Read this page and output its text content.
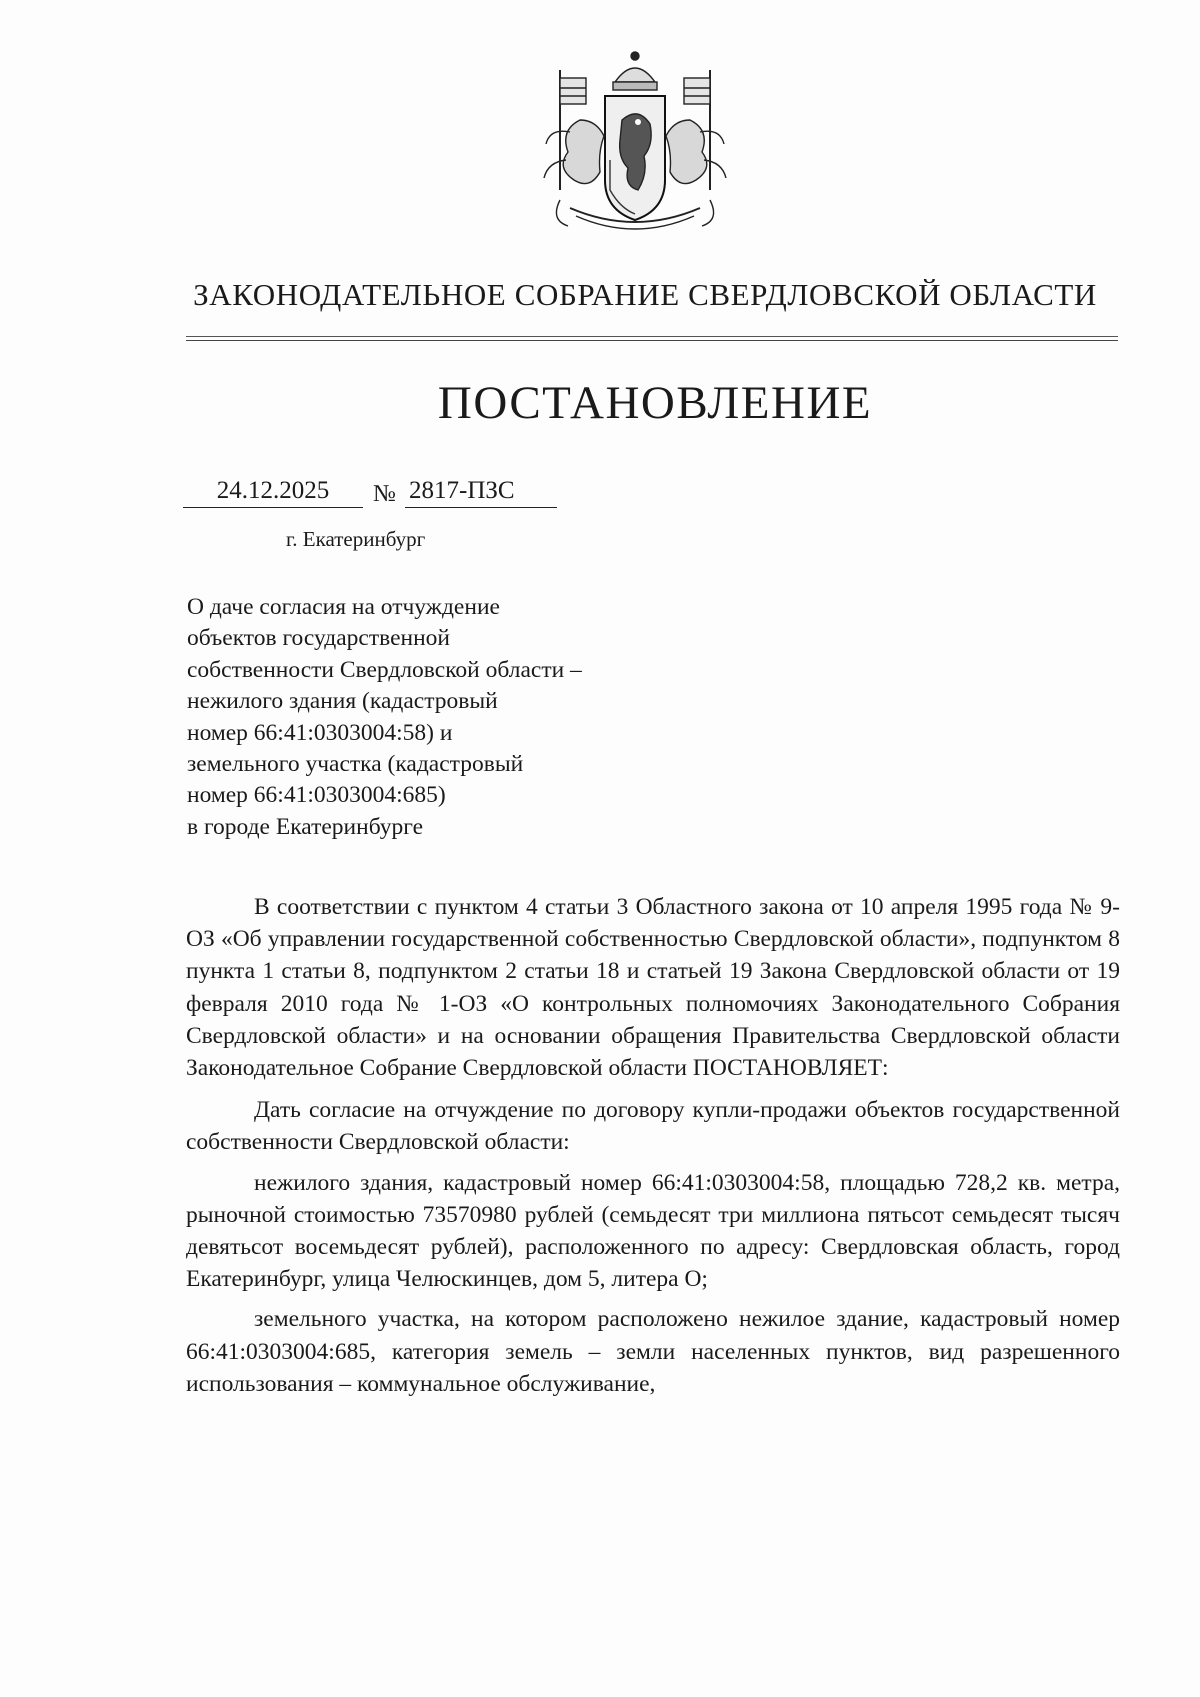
ЗАКОНОДАТЕЛЬНОЕ СОБРАНИЕ СВЕРДЛОВСКОЙ ОБЛАСТИ
ПОСТАНОВЛЕНИЕ
24.12.2025	№ 2817-ПЗС
г. Екатеринбург
О даче согласия на отчуждение
объектов государственной
собственности Свердловской области –
нежилого здания (кадастровый
номер 66:41:0303004:58) и
земельного участка (кадастровый
номер 66:41:0303004:685)
в городе Екатеринбурге

В соответствии с пунктом 4 статьи 3 Областного закона от 10 апреля 1995 года № 9-ОЗ «Об управлении государственной собственностью Свердловской области», подпунктом 8 пункта 1 статьи 8, подпунктом 2 статьи 18 и статьей 19 Закона Свердловской области от 19 февраля 2010 года № 1-ОЗ «О контрольных полномочиях Законодательного Собрания Свердловской области» и на основании обращения Правительства Свердловской области Законодательное Собрание Свердловской области ПОСТАНОВЛЯЕТ:

Дать согласие на отчуждение по договору купли-продажи объектов государственной собственности Свердловской области:

нежилого здания, кадастровый номер 66:41:0303004:58, площадью 728,2 кв. метра, рыночной стоимостью 73570980 рублей (семьдесят три миллиона пятьсот семьдесят тысяч девятьсот восемьдесят рублей), расположенного по адресу: Свердловская область, город Екатеринбург, улица Челюскинцев, дом 5, литера О;

земельного участка, на котором расположено нежилое здание, кадастровый номер 66:41:0303004:685, категория земель – земли населенных пунктов, вид разрешенного использования – коммунальное обслуживание,
